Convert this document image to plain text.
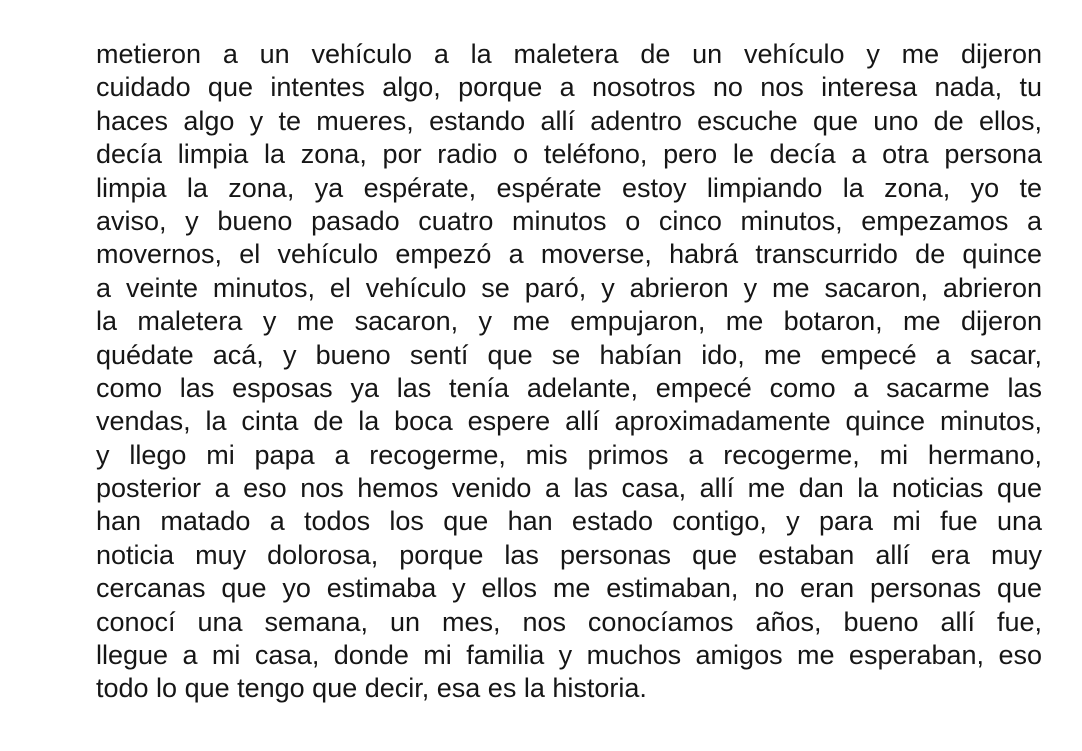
metieron a un vehículo a la maletera de un vehículo y me dijeron
cuidado que intentes algo, porque a nosotros no nos interesa nada, tu
haces algo y te mueres, estando allí adentro escuche que uno de ellos,
decía limpia la zona, por radio o teléfono, pero le decía a otra persona
limpia la zona, ya espérate, espérate estoy limpiando la zona, yo te
aviso, y bueno pasado cuatro minutos o cinco minutos, empezamos a
movernos, el vehículo empezó a moverse, habrá transcurrido de quince
a veinte minutos, el vehículo se paró, y abrieron y me sacaron, abrieron
la maletera y me sacaron, y me empujaron, me botaron, me dijeron
quédate acá, y bueno sentí que se habían ido, me empecé a sacar,
como las esposas ya las tenía adelante, empecé como a sacarme las
vendas, la cinta de la boca espere allí aproximadamente quince minutos,
y llego mi papa a recogerme, mis primos a recogerme, mi hermano,
posterior a eso nos hemos venido a las casa, allí me dan la noticias que
han matado a todos los que han estado contigo, y para mi fue una
noticia muy dolorosa, porque las personas que estaban allí era muy
cercanas que yo estimaba y ellos me estimaban, no eran personas que
conocí una semana, un mes, nos conocíamos años, bueno allí fue,
llegue a mi casa, donde mi familia y muchos amigos me esperaban, eso
todo lo que tengo que decir, esa es la historia.
